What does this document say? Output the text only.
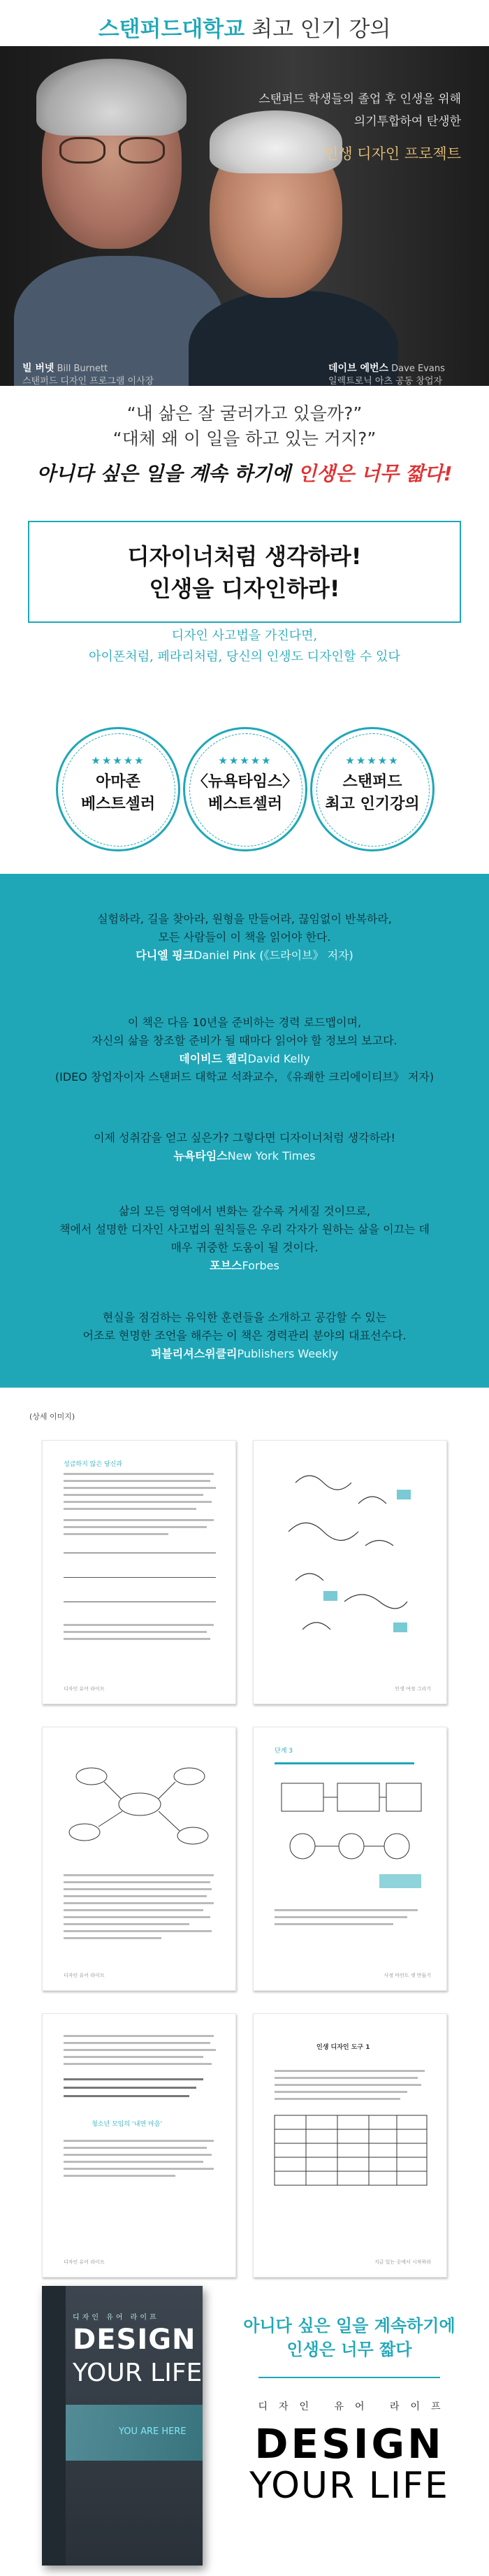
스탠퍼드대학교 최고 인기 강의
스탠퍼드 학생들의 졸업 후 인생을 위해
의기투합하여 탄생한
인생 디자인 프로젝트
빌 버넷 Bill Burnett
스탠퍼드 디자인 프로그램 이사장
데이브 에번스 Dave Evans
일렉트로닉 아츠 공동 창업자
“내 삶은 잘 굴러가고 있을까?”
“대체 왜 이 일을 하고 있는 거지?”
아니다 싶은 일을 계속 하기에 인생은 너무 짧다!
디자이너처럼 생각하라!
인생을 디자인하라!
디자인 사고법을 가진다면,
아이폰처럼, 페라리처럼, 당신의 인생도 디자인할 수 있다
★★★★★
아마존
베스트셀러
★★★★★
〈뉴욕타임스〉
베스트셀러
★★★★★
스탠퍼드
최고 인기강의
실험하라, 길을 찾아라, 원형을 만들어라, 끊임없이 반복하라,
모든 사람들이 이 책을 읽어야 한다.
다니엘 핑크Daniel Pink (《드라이브》 저자)
이 책은 다음 10년을 준비하는 경력 로드맵이며,
자신의 삶을 창조할 준비가 될 때마다 읽어야 할 정보의 보고다.
데이비드 켈리David Kelly
(IDEO 창업자이자 스탠퍼드 대학교 석좌교수, 《유쾌한 크리에이티브》 저자)
이제 성취감을 얻고 싶은가? 그렇다면 디자이너처럼 생각하라!
뉴욕타임스New York Times
삶의 모든 영역에서 변화는 갈수록 거세질 것이므로,
책에서 설명한 디자인 사고법의 원칙들은 우리 각자가 원하는 삶을 이끄는 데
매우 귀중한 도움이 될 것이다.
포브스Forbes
현실을 점검하는 유익한 훈련들을 소개하고 공감할 수 있는
어조로 현명한 조언을 해주는 이 책은 경력관리 분야의 대표선수다.
퍼블리셔스위클리Publishers Weekly
(상세 이미지)
성급하지 않은 당신과
디자인 유어 라이프	인생 여정 그리기
디자인 유어 라이프
단계 3
사정 마인드 셋 만들기
청소년 모임의 ‘내면 마음’
디자인 유어 라이프
인생 디자인 도구 1
지금 있는 곳에서 시작하라
디자인 유어 라이프
DESIGN
YOUR LIFE
YOU ARE HERE
아니다 싶은 일을 계속하기에
인생은 너무 짧다
디자인 유어 라이프
DESIGN
YOUR LIFE
